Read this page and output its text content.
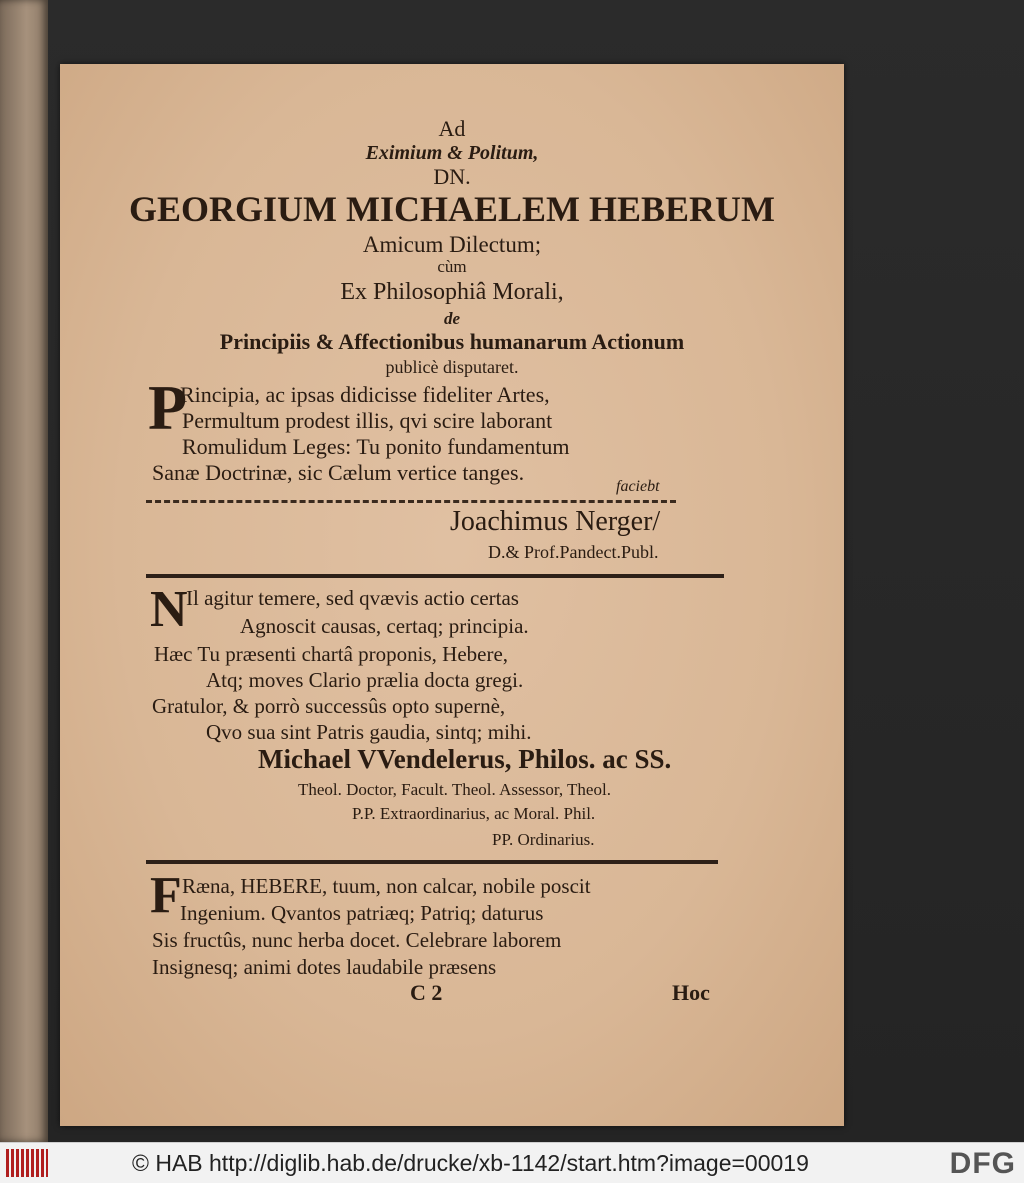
Ad
Eximium & Politum,
DN.
GEORGIUM MICHAELEM HEBERUM
Amicum Dilectum;
cùm
Ex Philosophiâ Morali,
de
Principiis & Affectionibus humanarum Actionum
publicè disputaret.
P
Rincipia, ac ipsas didicisse fideliter Artes,
Permultum prodest illis, qvi scire laborant
Romulidum Leges: Tu ponito fundamentum
Sanæ Doctrinæ, sic Cælum vertice tanges.
faciebt
Joachimus Nerger/
D.& Prof.Pandect.Publ.
N
Il agitur temere, sed qvævis actio certas
Agnoscit causas, certaq; principia.
Hæc Tu præsenti chartâ proponis, Hebere,
Atq; moves Clario prælia docta gregi.
Gratulor, & porrò successûs opto supernè,
Qvo sua sint Patris gaudia, sintq; mihi.
Michael VVendelerus, Philos. ac SS.
Theol. Doctor, Facult. Theol. Assessor, Theol.
P.P. Extraordinarius, ac Moral. Phil.
PP. Ordinarius.
F Ræna, HEBERE, tuum, non calcar, nobile poscit
Ingenium. Qvantos patriæq; Patriq; daturus
Sis fructûs, nunc herba docet. Celebrare laborem
Insignesq; animi dotes laudabile præsens
C 2	Hoc
© HAB http://diglib.hab.de/drucke/xb-1142/start.htm?image=00019	DFG
